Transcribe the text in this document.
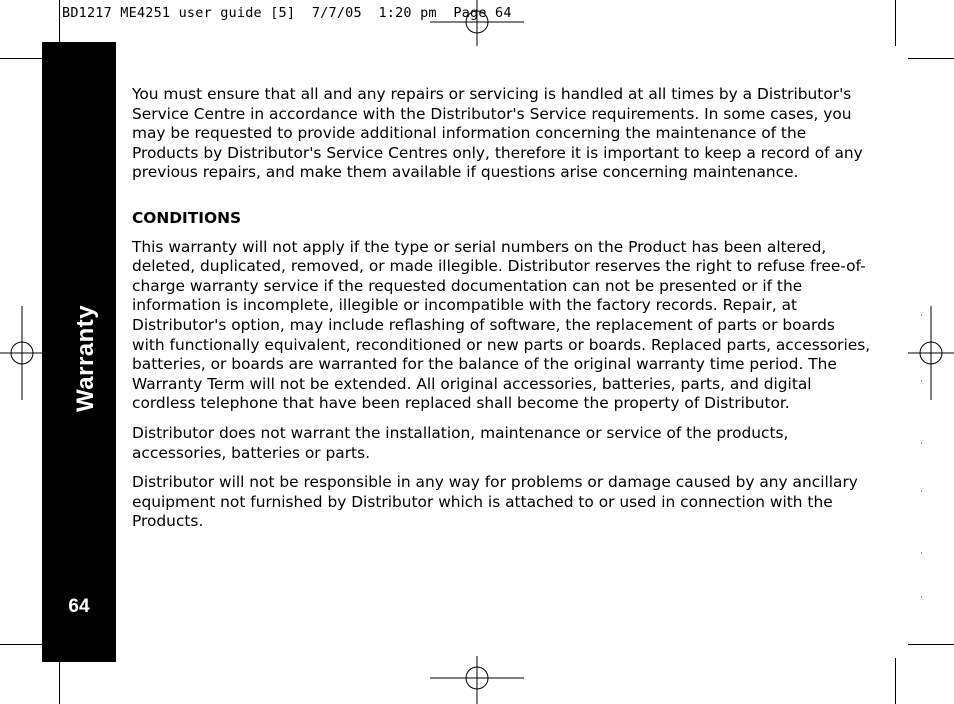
BD1217 ME4251 user guide [5]  7/7/05  1:20 pm  Page 64
Warranty
64

You must ensure that all and any repairs or servicing is handled at all times by a Distributor's Service Centre in accordance with the Distributor's Service requirements. In some cases, you may be requested to provide additional information concerning the maintenance of the Products by Distributor's Service Centres only, therefore it is important to keep a record of any previous repairs, and make them available if questions arise concerning maintenance.

CONDITIONS

This warranty will not apply if the type or serial numbers on the Product has been altered, deleted, duplicated, removed, or made illegible. Distributor reserves the right to refuse free-of-charge warranty service if the requested documentation can not be presented or if the information is incomplete, illegible or incompatible with the factory records. Repair, at Distributor's option, may include reflashing of software, the replacement of parts or boards with functionally equivalent, reconditioned or new parts or boards. Replaced parts, accessories, batteries, or boards are warranted for the balance of the original warranty time period. The Warranty Term will not be extended. All original accessories, batteries, parts, and digital cordless telephone that have been replaced shall become the property of Distributor.

Distributor does not warrant the installation, maintenance or service of the products, accessories, batteries or parts.

Distributor will not be responsible in any way for problems or damage caused by any ancillary equipment not furnished by Distributor which is attached to or used in connection with the Products.
